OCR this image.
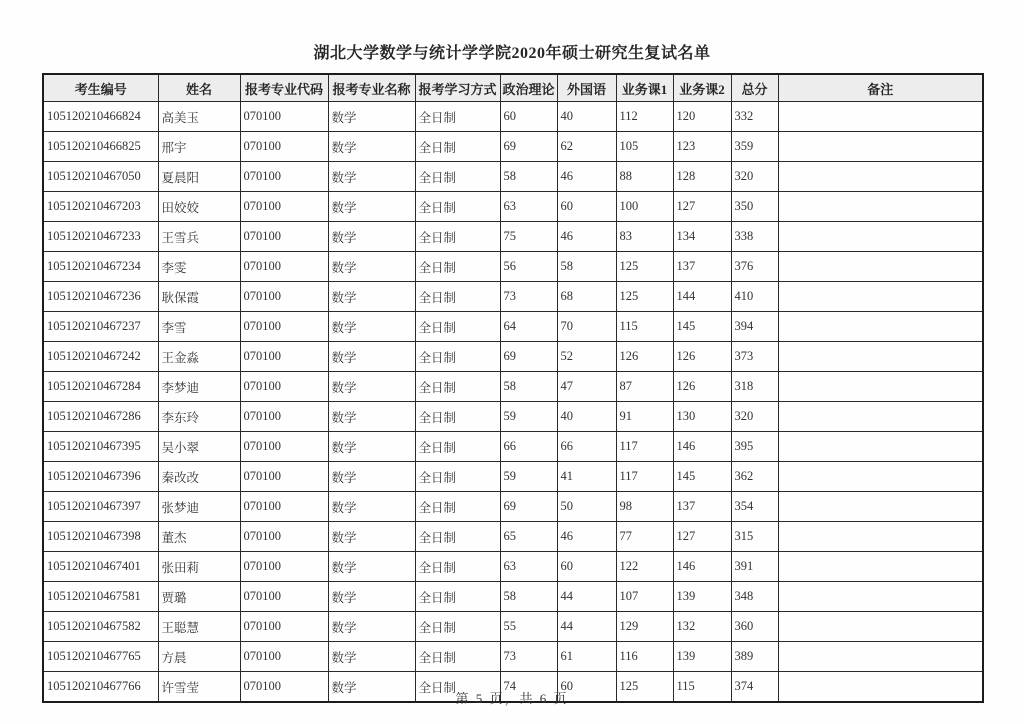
湖北大学数学与统计学学院2020年硕士研究生复试名单
考生编号	姓名	报考专业代码	报考专业名称	报考学习方式	政治理论	外国语	业务课1	业务课2	总分	备注
105120210466824	高美玉	070100	数学	全日制	60	40	112	120	332	
105120210466825	邢宇	070100	数学	全日制	69	62	105	123	359	
105120210467050	夏晨阳	070100	数学	全日制	58	46	88	128	320	
105120210467203	田姣姣	070100	数学	全日制	63	60	100	127	350	
105120210467233	王雪兵	070100	数学	全日制	75	46	83	134	338	
105120210467234	李雯	070100	数学	全日制	56	58	125	137	376	
105120210467236	耿保霞	070100	数学	全日制	73	68	125	144	410	
105120210467237	李雪	070100	数学	全日制	64	70	115	145	394	
105120210467242	王金淼	070100	数学	全日制	69	52	126	126	373	
105120210467284	李梦迪	070100	数学	全日制	58	47	87	126	318	
105120210467286	李东玲	070100	数学	全日制	59	40	91	130	320	
105120210467395	吴小翠	070100	数学	全日制	66	66	117	146	395	
105120210467396	秦改改	070100	数学	全日制	59	41	117	145	362	
105120210467397	张梦迪	070100	数学	全日制	69	50	98	137	354	
105120210467398	董杰	070100	数学	全日制	65	46	77	127	315	
105120210467401	张田莉	070100	数学	全日制	63	60	122	146	391	
105120210467581	贾璐	070100	数学	全日制	58	44	107	139	348	
105120210467582	王聪慧	070100	数学	全日制	55	44	129	132	360	
105120210467765	方晨	070100	数学	全日制	73	61	116	139	389	
105120210467766	许雪莹	070100	数学	全日制	74	60	125	115	374	
第 5 页，共 6 页
